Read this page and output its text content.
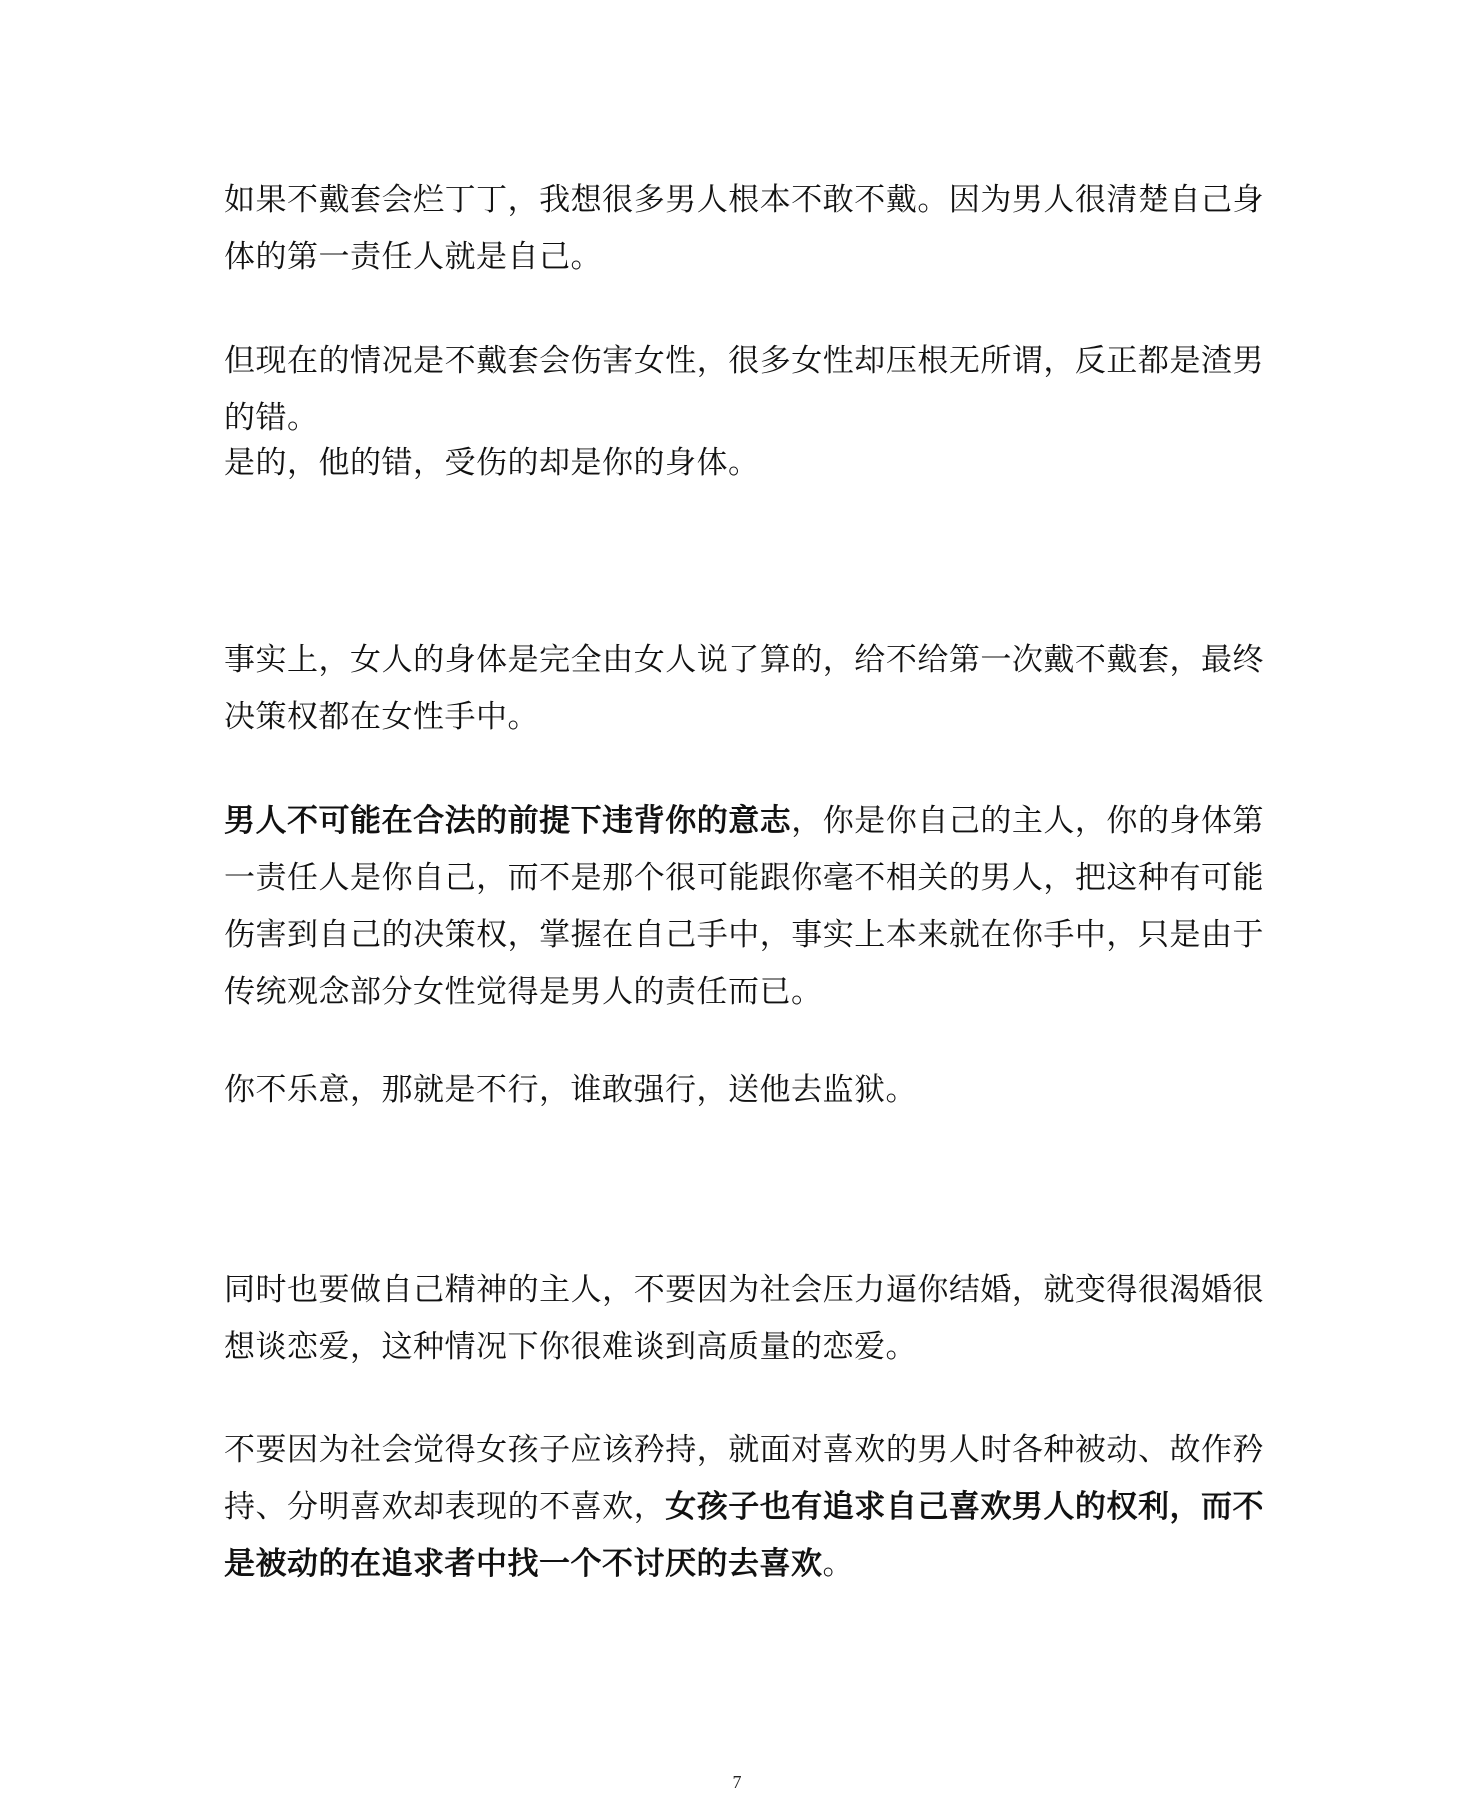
如果不戴套会烂丁丁，我想很多男人根本不敢不戴。因为男人很清楚自己身体的第一责任人就是自己。

但现在的情况是不戴套会伤害女性，很多女性却压根无所谓，反正都是渣男的错。

是的，他的错，受伤的却是你的身体。

事实上，女人的身体是完全由女人说了算的，给不给第一次戴不戴套，最终决策权都在女性手中。

男人不可能在合法的前提下违背你的意志，你是你自己的主人，你的身体第一责任人是你自己，而不是那个很可能跟你毫不相关的男人，把这种有可能伤害到自己的决策权，掌握在自己手中，事实上本来就在你手中，只是由于传统观念部分女性觉得是男人的责任而已。

你不乐意，那就是不行，谁敢强行，送他去监狱。

同时也要做自己精神的主人，不要因为社会压力逼你结婚，就变得很渴婚很想谈恋爱，这种情况下你很难谈到高质量的恋爱。

不要因为社会觉得女孩子应该矜持，就面对喜欢的男人时各种被动、故作矜持、分明喜欢却表现的不喜欢，女孩子也有追求自己喜欢男人的权利，而不是被动的在追求者中找一个不讨厌的去喜欢。

7
